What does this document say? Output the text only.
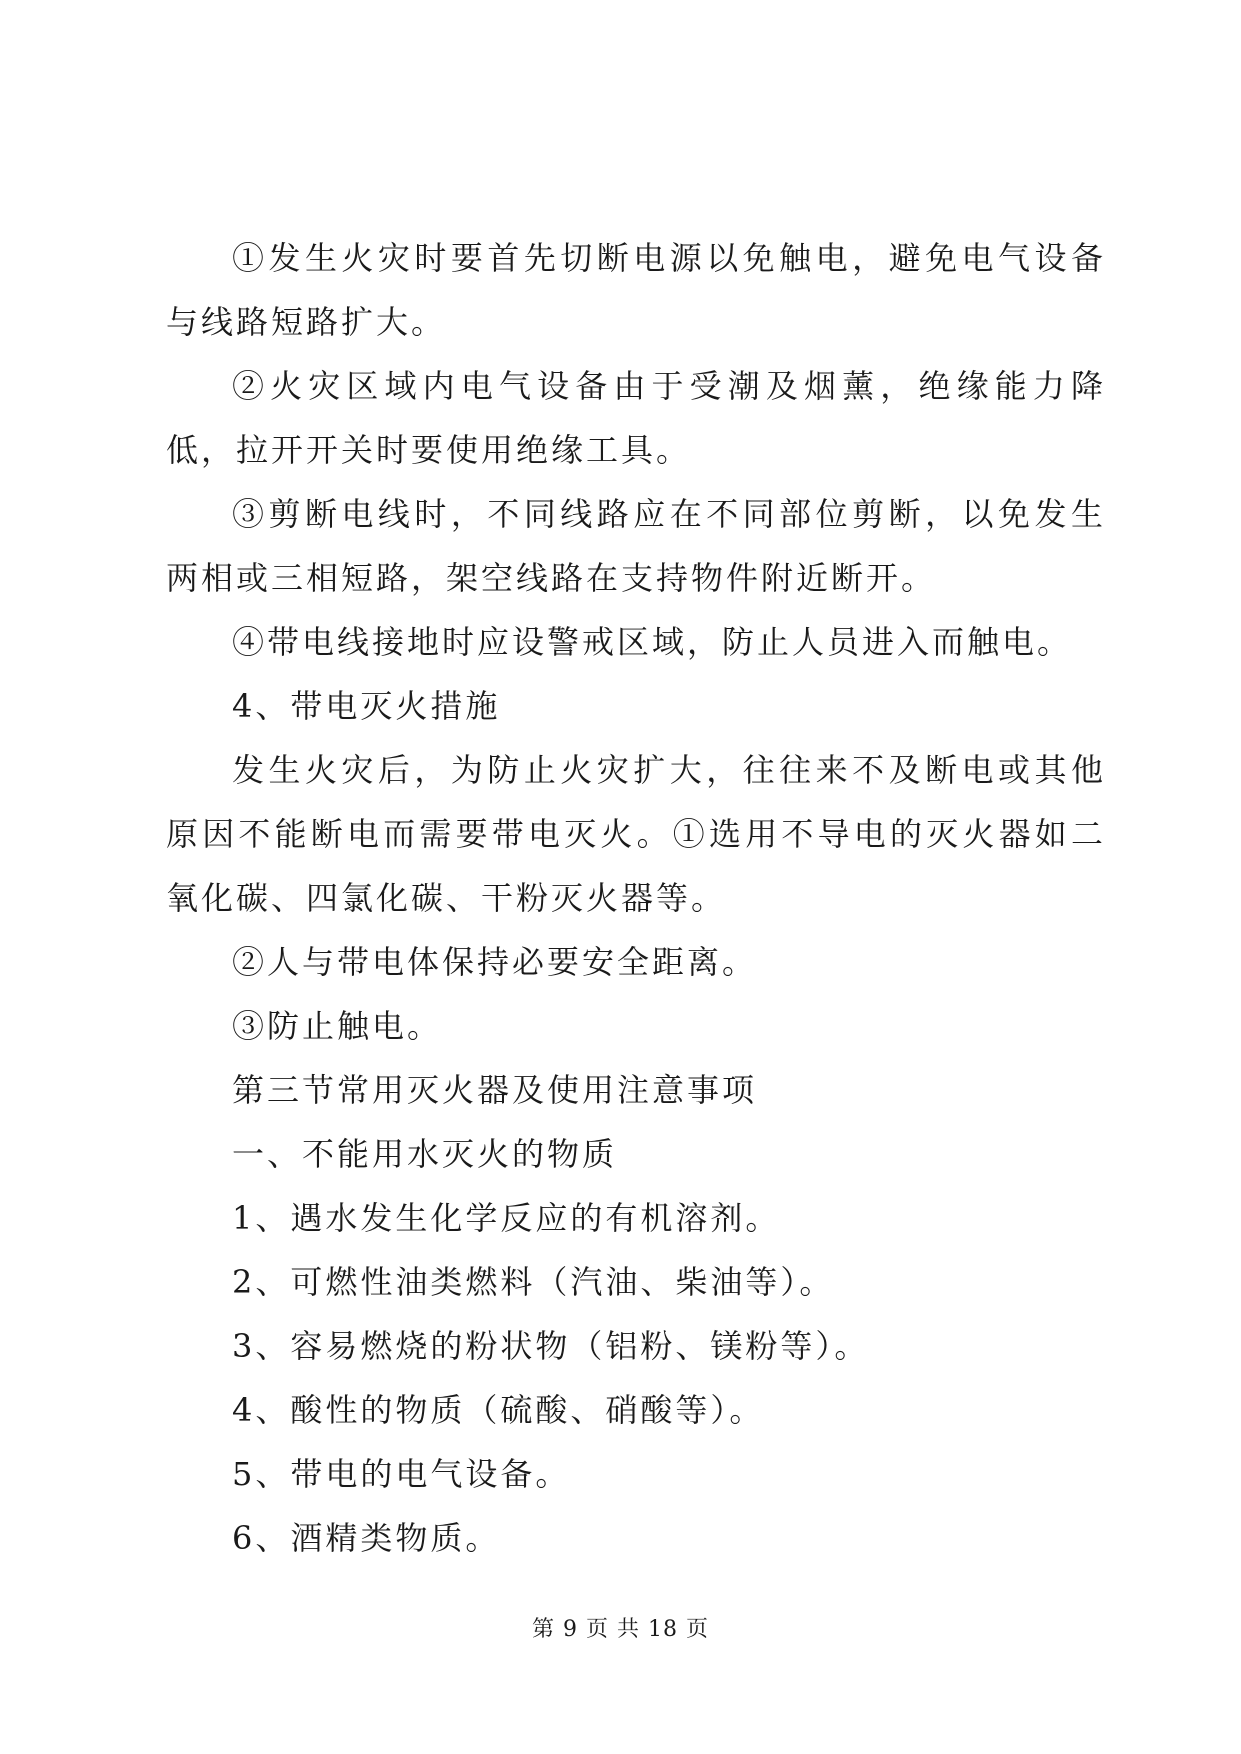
①发生火灾时要首先切断电源以免触电，避免电气设备与线路短路扩大。

②火灾区域内电气设备由于受潮及烟薰，绝缘能力降低，拉开开关时要使用绝缘工具。

③剪断电线时，不同线路应在不同部位剪断，以免发生两相或三相短路，架空线路在支持物件附近断开。

④带电线接地时应设警戒区域，防止人员进入而触电。

4、带电灭火措施

发生火灾后，为防止火灾扩大，往往来不及断电或其他原因不能断电而需要带电灭火。①选用不导电的灭火器如二氧化碳、四氯化碳、干粉灭火器等。

②人与带电体保持必要安全距离。

③防止触电。

第三节常用灭火器及使用注意事项

一、不能用水灭火的物质

1、遇水发生化学反应的有机溶剂。

2、可燃性油类燃料（汽油、柴油等）。

3、容易燃烧的粉状物（铝粉、镁粉等）。

4、酸性的物质（硫酸、硝酸等）。

5、带电的电气设备。

6、酒精类物质。

第 9 页 共 18 页
